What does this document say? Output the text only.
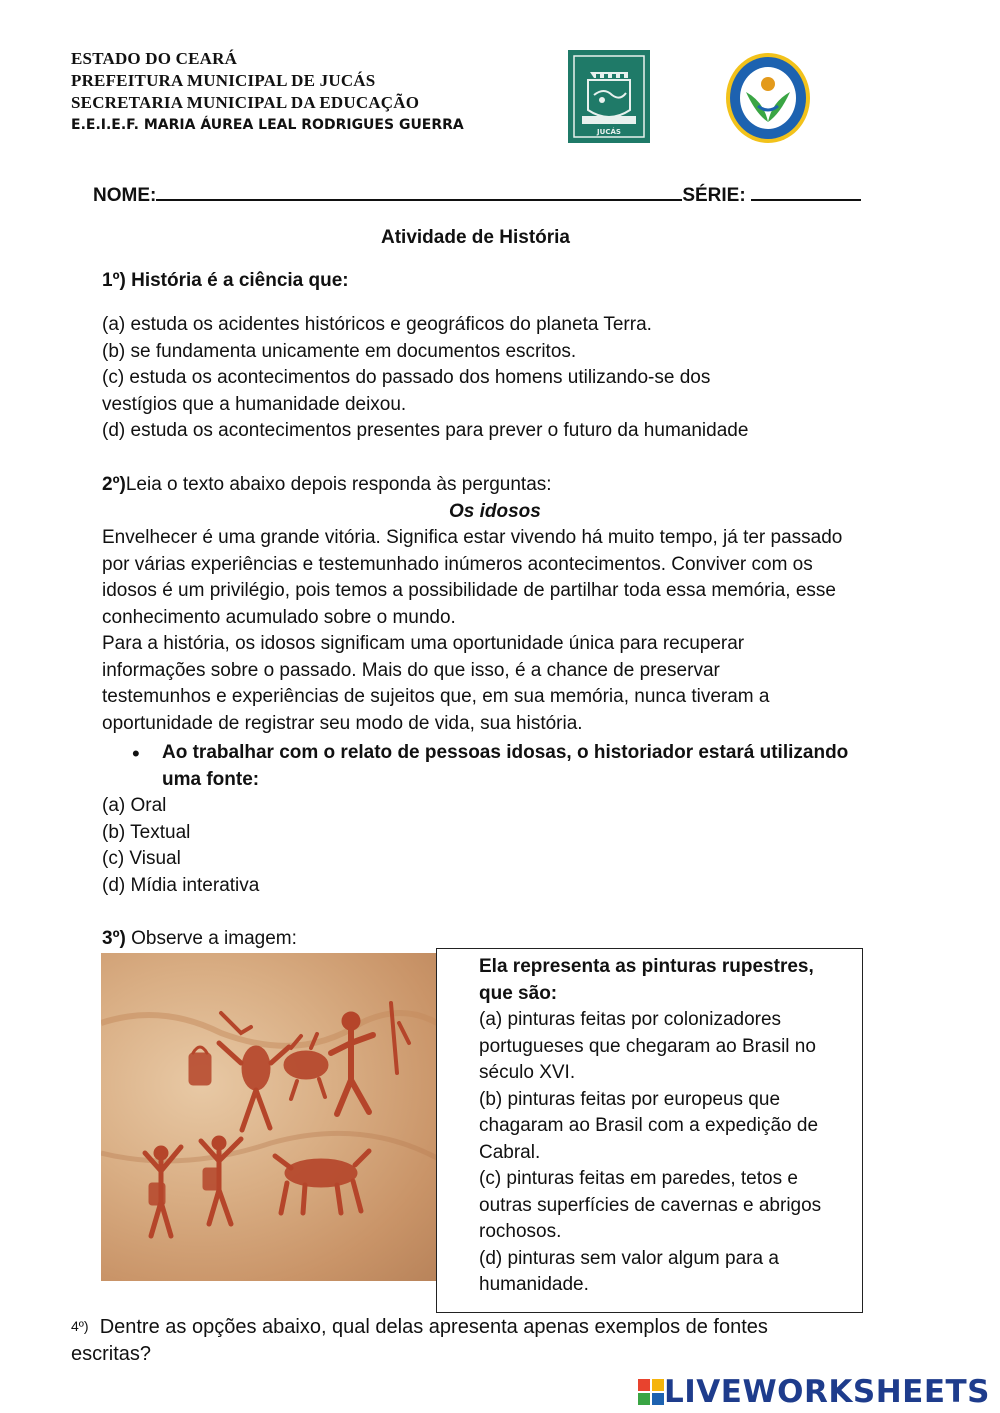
ESTADO DO CEARÁ
PREFEITURA MUNICIPAL DE JUCÁS
SECRETARIA MUNICIPAL DA EDUCAÇÃO
E.E.I.E.F. MARIA ÁUREA LEAL RODRIGUES GUERRA	JUCÁS
NOME:	SÉRIE:
Atividade de História
1º) História é a ciência que:
(a) estuda os acidentes históricos e geográficos do planeta Terra.
(b) se fundamenta unicamente em documentos escritos.
(c) estuda os acontecimentos do passado dos homens utilizando-se dos
vestígios que a humanidade deixou.
(d) estuda os acontecimentos presentes para prever o futuro da humanidade
2º)Leia o texto abaixo depois responda às perguntas:
Os idosos
Envelhecer é uma grande vitória. Significa estar vivendo há muito tempo, já ter passado
por várias experiências e testemunhado inúmeros acontecimentos. Conviver com os
idosos é um privilégio, pois temos a possibilidade de partilhar toda essa memória, esse
conhecimento acumulado sobre o mundo.
Para a história, os idosos significam uma oportunidade única para recuperar
informações sobre o passado. Mais do que isso, é a chance de preservar
testemunhos e experiências de sujeitos que, em sua memória, nunca tiveram a
oportunidade de registrar seu modo de vida, sua história.
• Ao trabalhar com o relato de pessoas idosas, o historiador estará utilizando
uma fonte:
(a) Oral
(b) Textual
(c) Visual
(d) Mídia interativa
3º) Observe a imagem:
Ela representa as pinturas rupestres,
que são:
(a) pinturas feitas por colonizadores
portugueses que chegaram ao Brasil no
século XVI.
(b) pinturas feitas por europeus que
chagaram ao Brasil com a expedição de
Cabral.
(c) pinturas feitas em paredes, tetos e
outras superfícies de cavernas e abrigos
rochosos.
(d) pinturas sem valor algum para a
humanidade.
4º) Dentre as opções abaixo, qual delas apresenta apenas exemplos de fontes
escritas?
LIVEWORKSHEETS
